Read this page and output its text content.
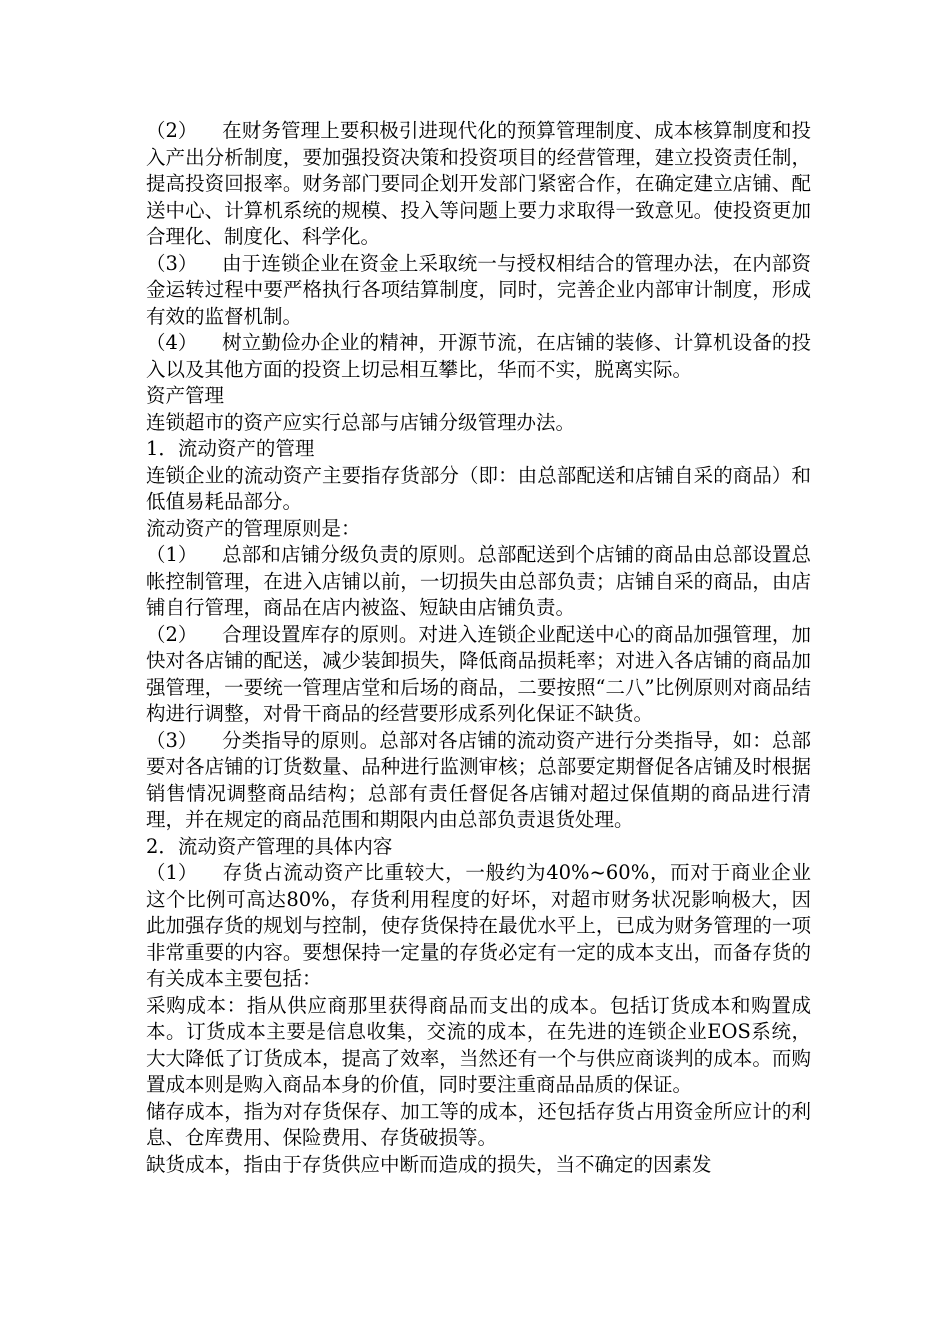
（2） 在财务管理上要积极引进现代化的预算管理制度、成本核算制度和投入产出分析制度，要加强投资决策和投资项目的经营管理，建立投资责任制，提高投资回报率。财务部门要同企划开发部门紧密合作，在确定建立店铺、配送中心、计算机系统的规模、投入等问题上要力求取得一致意见。使投资更加合理化、制度化、科学化。

（3） 由于连锁企业在资金上采取统一与授权相结合的管理办法，在内部资金运转过程中要严格执行各项结算制度，同时，完善企业内部审计制度，形成有效的监督机制。

（4） 树立勤俭办企业的精神，开源节流，在店铺的装修、计算机设备的投入以及其他方面的投资上切忌相互攀比，华而不实，脱离实际。

资产管理

连锁超市的资产应实行总部与店铺分级管理办法。

1．流动资产的管理

连锁企业的流动资产主要指存货部分（即：由总部配送和店铺自采的商品）和低值易耗品部分。

流动资产的管理原则是：

（1） 总部和店铺分级负责的原则。总部配送到个店铺的商品由总部设置总帐控制管理，在进入店铺以前，一切损失由总部负责；店铺自采的商品，由店铺自行管理，商品在店内被盗、短缺由店铺负责。

（2） 合理设置库存的原则。对进入连锁企业配送中心的商品加强管理，加快对各店铺的配送，减少装卸损失，降低商品损耗率；对进入各店铺的商品加强管理，一要统一管理店堂和后场的商品，二要按照“二八”比例原则对商品结构进行调整，对骨干商品的经营要形成系列化保证不缺货。

（3） 分类指导的原则。总部对各店铺的流动资产进行分类指导，如：总部要对各店铺的订货数量、品种进行监测审核；总部要定期督促各店铺及时根据销售情况调整商品结构；总部有责任督促各店铺对超过保值期的商品进行清理，并在规定的商品范围和期限内由总部负责退货处理。

2．流动资产管理的具体内容

（1） 存货占流动资产比重较大，一般约为40%~60%，而对于商业企业这个比例可高达80%，存货利用程度的好坏，对超市财务状况影响极大，因此加强存货的规划与控制，使存货保持在最优水平上，已成为财务管理的一项非常重要的内容。要想保持一定量的存货必定有一定的成本支出，而备存货的有关成本主要包括：

采购成本：指从供应商那里获得商品而支出的成本。包括订货成本和购置成本。订货成本主要是信息收集，交流的成本，在先进的连锁企业EOS系统，大大降低了订货成本，提高了效率，当然还有一个与供应商谈判的成本。而购置成本则是购入商品本身的价值，同时要注重商品品质的保证。

储存成本，指为对存货保存、加工等的成本，还包括存货占用资金所应计的利息、仓库费用、保险费用、存货破损等。

缺货成本，指由于存货供应中断而造成的损失，当不确定的因素发
